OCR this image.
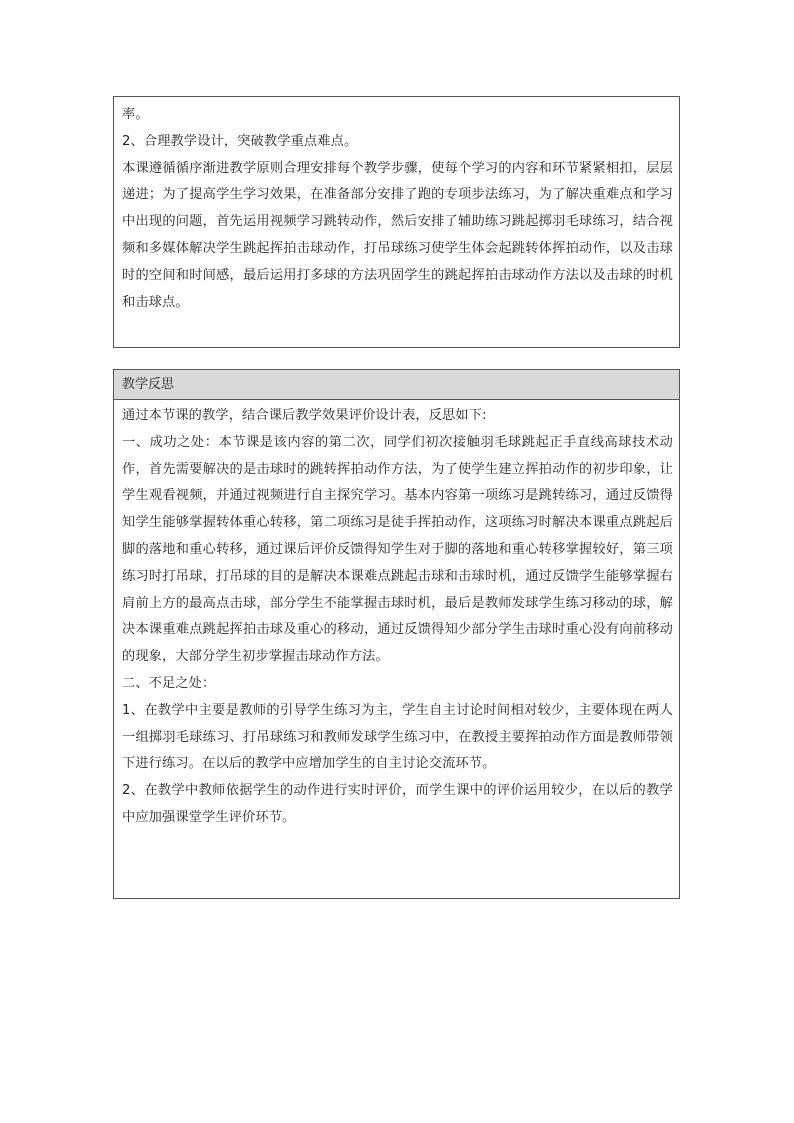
率。

2、合理教学设计，突破教学重点难点。

本课遵循循序渐进教学原则合理安排每个教学步骤，使每个学习的内容和环节紧紧相扣，层层递进；为了提高学生学习效果，在准备部分安排了跑的专项步法练习，为了解决重难点和学习中出现的问题，首先运用视频学习跳转动作，然后安排了辅助练习跳起掷羽毛球练习，结合视频和多媒体解决学生跳起挥拍击球动作，打吊球练习使学生体会起跳转体挥拍动作，以及击球时的空间和时间感，最后运用打多球的方法巩固学生的跳起挥拍击球动作方法以及击球的时机和击球点。

教学反思

通过本节课的教学，结合课后教学效果评价设计表，反思如下:

一、成功之处：本节课是该内容的第二次，同学们初次接触羽毛球跳起正手直线高球技术动作，首先需要解决的是击球时的跳转挥拍动作方法，为了使学生建立挥拍动作的初步印象，让学生观看视频，并通过视频进行自主探究学习。基本内容第一项练习是跳转练习，通过反馈得知学生能够掌握转体重心转移，第二项练习是徒手挥拍动作，这项练习时解决本课重点跳起后脚的落地和重心转移，通过课后评价反馈得知学生对于脚的落地和重心转移掌握较好，第三项练习时打吊球，打吊球的目的是解决本课难点跳起击球和击球时机，通过反馈学生能够掌握右肩前上方的最高点击球，部分学生不能掌握击球时机，最后是教师发球学生练习移动的球，解决本课重难点跳起挥拍击球及重心的移动，通过反馈得知少部分学生击球时重心没有向前移动的现象，大部分学生初步掌握击球动作方法。

二、不足之处：

1、在教学中主要是教师的引导学生练习为主，学生自主讨论时间相对较少，主要体现在两人一组掷羽毛球练习、打吊球练习和教师发球学生练习中，在教授主要挥拍动作方面是教师带领下进行练习。在以后的教学中应增加学生的自主讨论交流环节。

2、在教学中教师依据学生的动作进行实时评价，而学生课中的评价运用较少，在以后的教学中应加强课堂学生评价环节。
